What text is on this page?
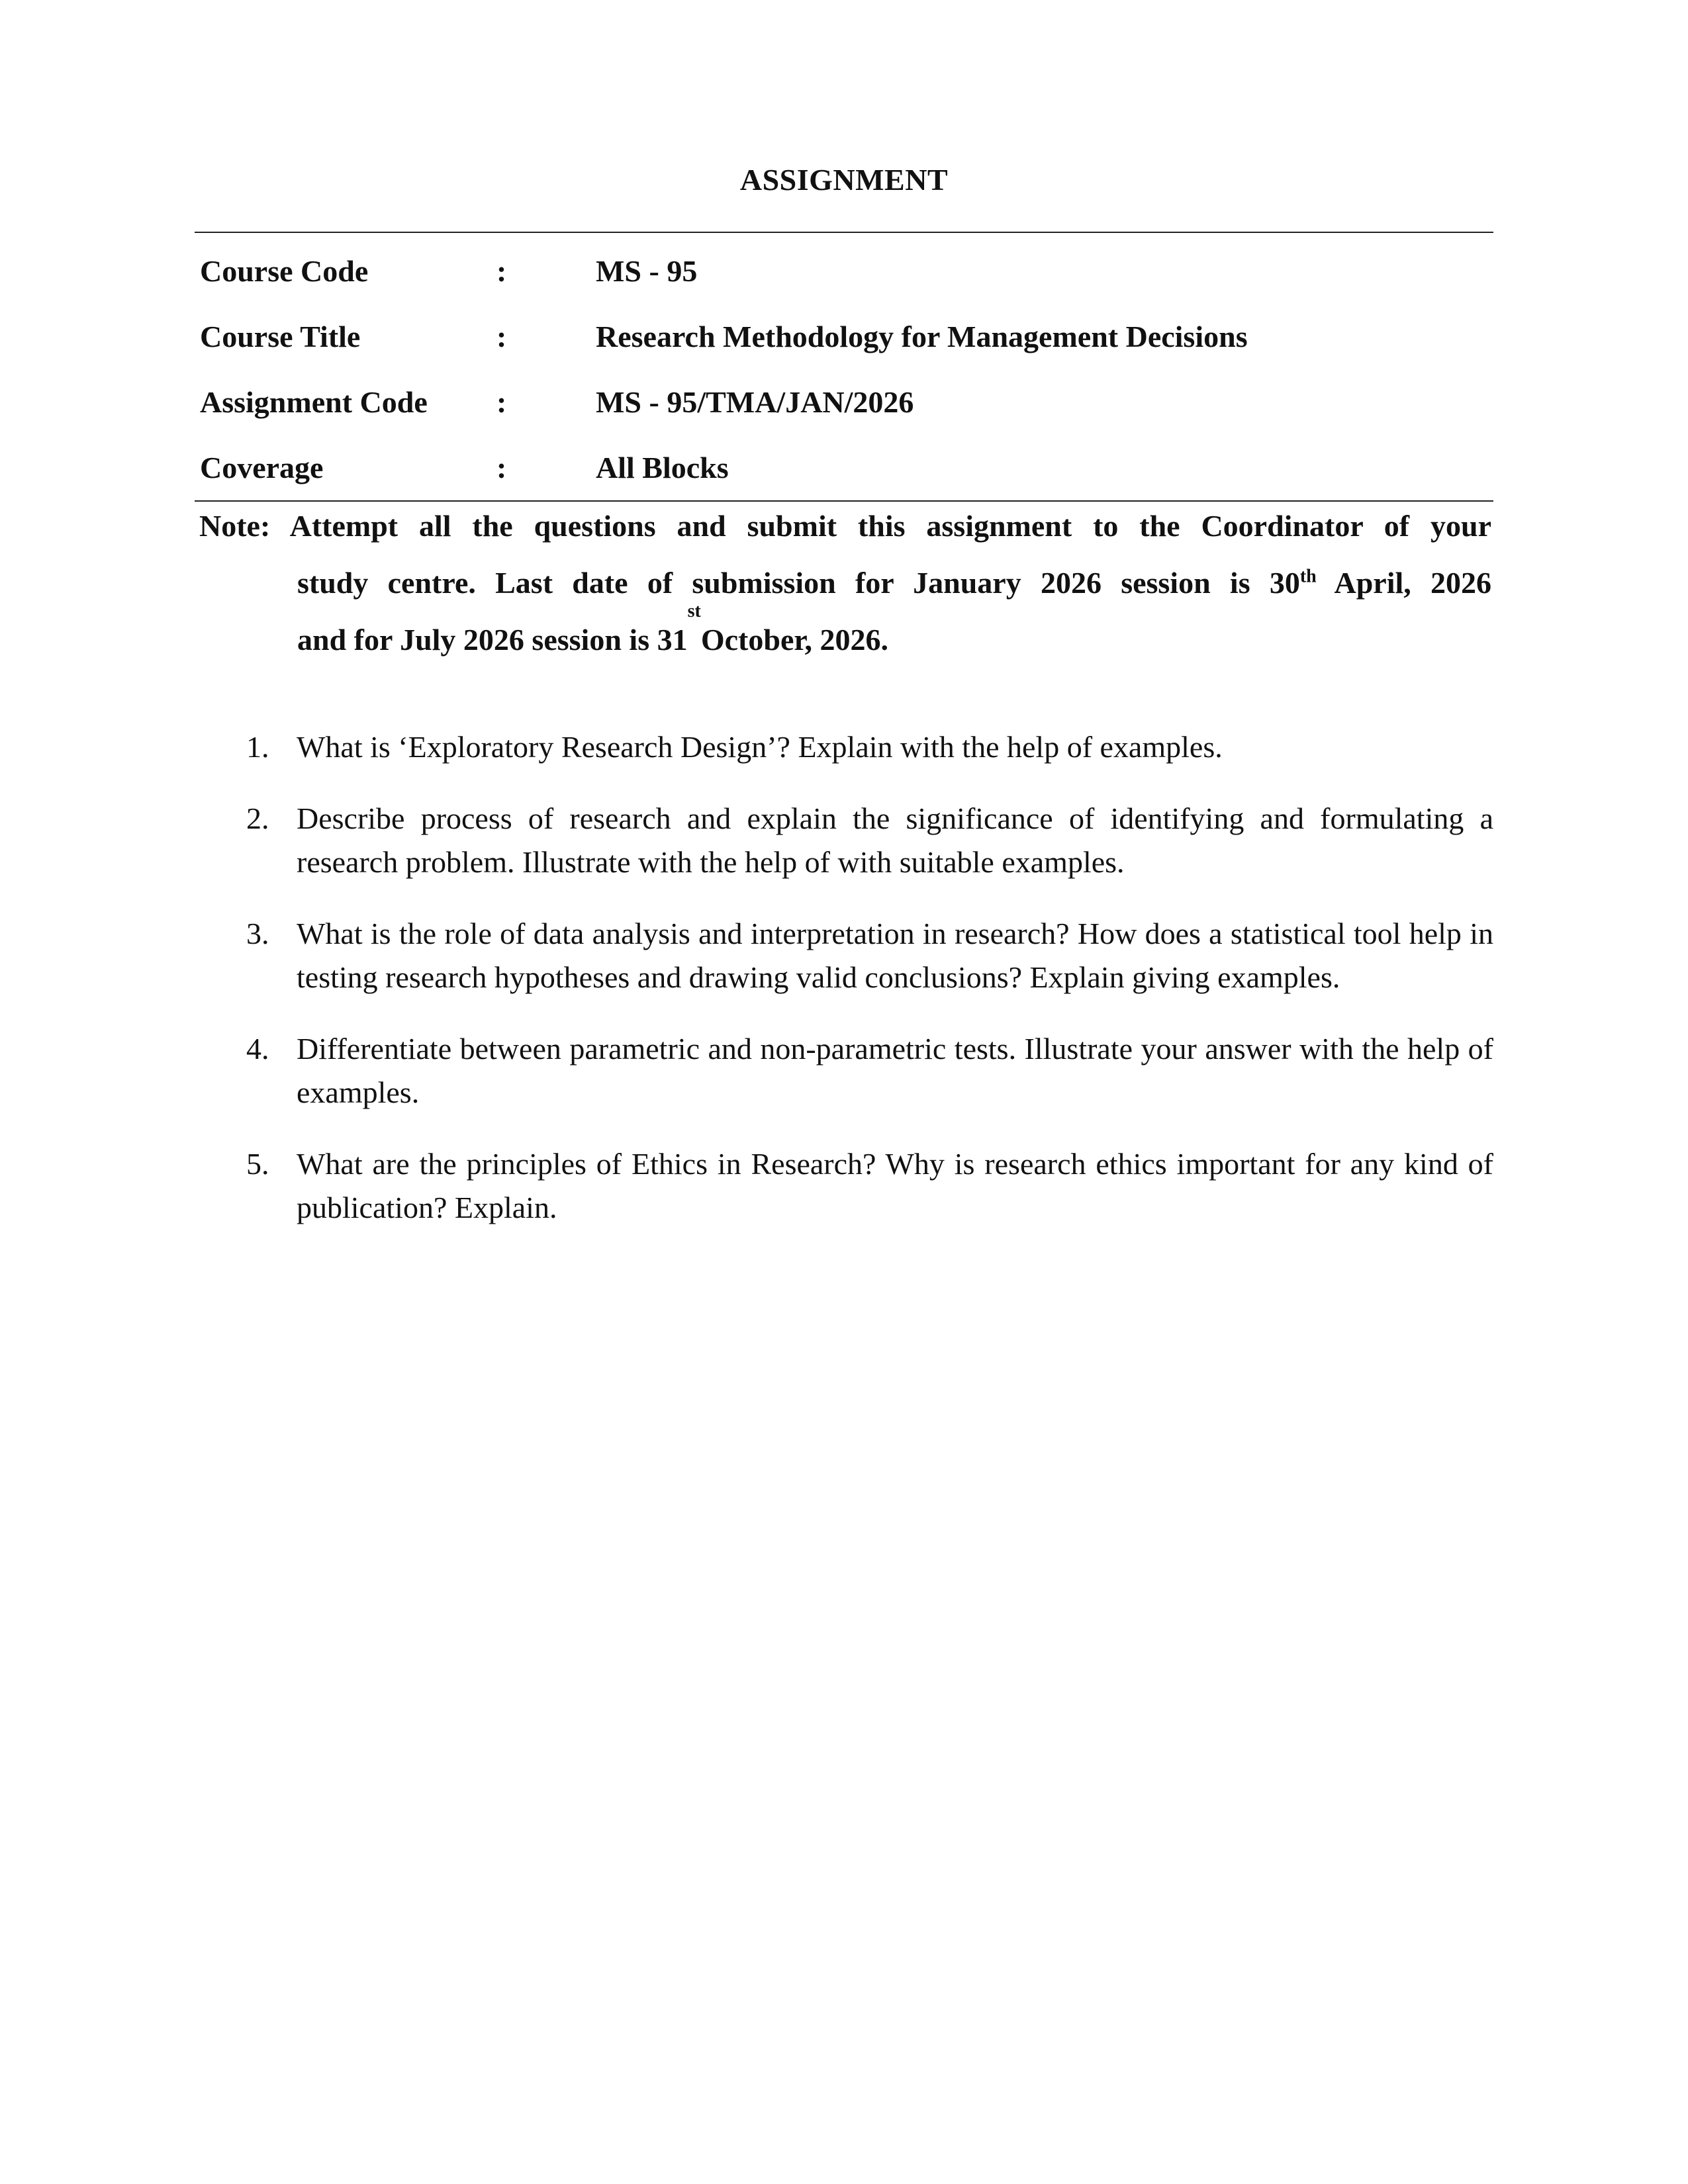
ASSIGNMENT
Course Code	:	MS - 95
Course Title	:	Research Methodology for Management Decisions
Assignment Code	:	MS - 95/TMA/JAN/2026
Coverage	:	All Blocks
Note: Attempt all the questions and submit this assignment to the Coordinator of your
study centre. Last date of submission for January 2026 session is 30th April, 2026
and for July 2026 session is 31
st
October, 2026.
1. What is ‘Exploratory Research Design’? Explain with the help of examples.
2. Describe process of research and explain the significance of identifying and formulating a research problem. Illustrate with the help of with suitable examples.
3. What is the role of data analysis and interpretation in research? How does a statistical tool help in testing research hypotheses and drawing valid conclusions? Explain giving examples.
4. Differentiate between parametric and non-parametric tests. Illustrate your answer with the help of examples.
5. What are the principles of Ethics in Research? Why is research ethics important for any kind of publication? Explain.
